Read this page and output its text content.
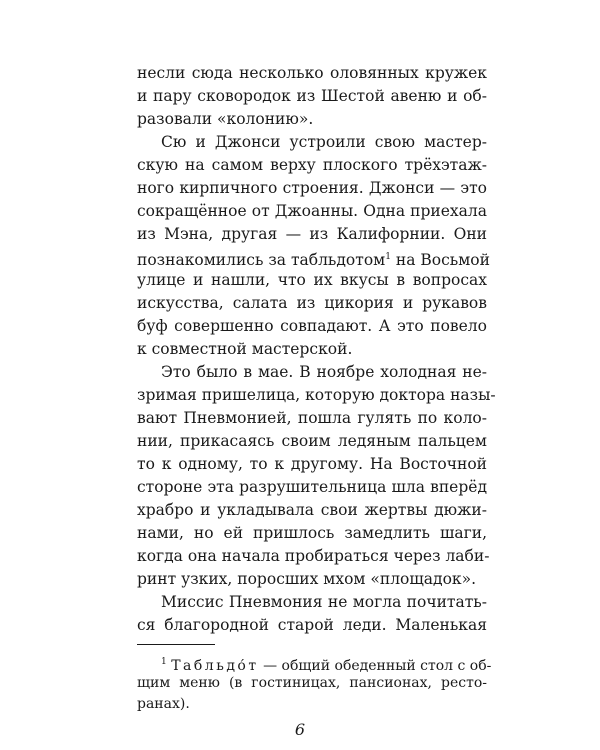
несли сюда несколько оловянных кружек
и пару сковородок из Шестой авеню и об-
разовали «колонию».
Сю и Джонси устроили свою мастер-
скую на самом верху плоского трёхэтаж-
ного кирпичного строения. Джонси — это
сокращённое от Джоанны. Одна приехала
из Мэна, другая — из Калифорнии. Они
познакомились за табльдотом$^1$ на Восьмой
улице и нашли, что их вкусы в вопросах
искусства, салата из цикория и рукавов
буф совершенно совпадают. А это повело
к совместной мастерской.
Это было в мае. В ноябре холодная не-
зримая пришелица, которую доктора назы-
вают Пневмонией, пошла гулять по коло-
нии, прикасаясь своим ледяным пальцем
то к одному, то к другому. На Восточной
стороне эта разрушительница шла вперёд
храбро и укладывала свои жертвы дюжи-
нами, но ей пришлось замедлить шаги,
когда она начала пробираться через лаби-
ринт узких, поросших мхом «площадок».
Миссис Пневмония не могла почитать-
ся благородной старой леди. Маленькая
$^1$ Табльдо́т — общий обеденный стол с об-
щим меню (в гостиницах, пансионах, ресто-
ранах).
6
